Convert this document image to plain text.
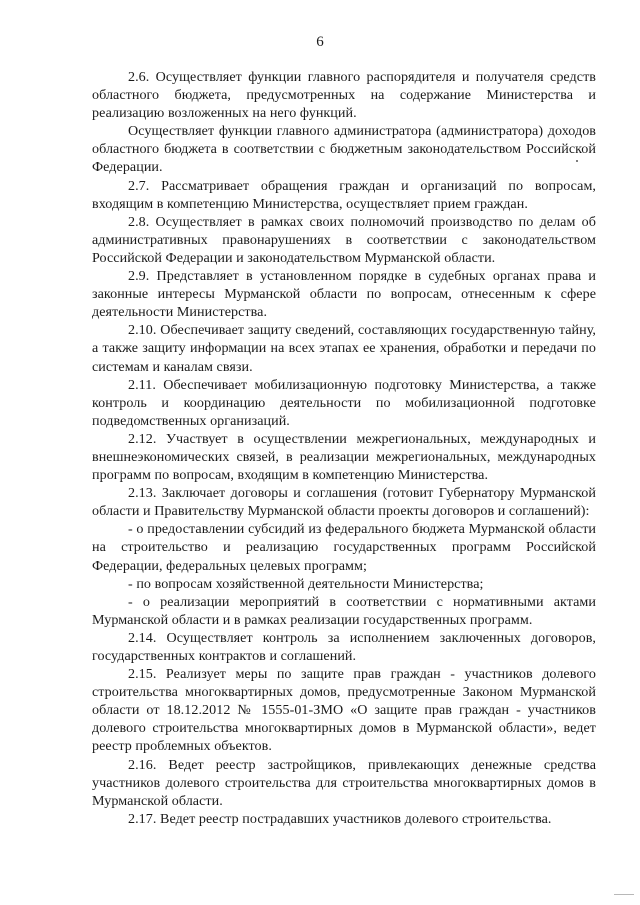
6

2.6. Осуществляет функции главного распорядителя и получателя средств областного бюджета, предусмотренных на содержание Министерства и реализацию возложенных на него функций.

Осуществляет функции главного администратора (администратора) доходов областного бюджета в соответствии с бюджетным законодательством Российской Федерации.

2.7. Рассматривает обращения граждан и организаций по вопросам, входящим в компетенцию Министерства, осуществляет прием граждан.

2.8. Осуществляет в рамках своих полномочий производство по делам об административных правонарушениях в соответствии с законодательством Российской Федерации и законодательством Мурманской области.

2.9. Представляет в установленном порядке в судебных органах права и законные интересы Мурманской области по вопросам, отнесенным к сфере деятельности Министерства.

2.10. Обеспечивает защиту сведений, составляющих государственную тайну, а также защиту информации на всех этапах ее хранения, обработки и передачи по системам и каналам связи.

2.11. Обеспечивает мобилизационную подготовку Министерства, а также контроль и координацию деятельности по мобилизационной подготовке подведомственных организаций.

2.12. Участвует в осуществлении межрегиональных, международных и внешнеэкономических связей, в реализации межрегиональных, международных программ по вопросам, входящим в компетенцию Министерства.

2.13. Заключает договоры и соглашения (готовит Губернатору Мурманской области и Правительству Мурманской области проекты договоров и соглашений):

- о предоставлении субсидий из федерального бюджета Мурманской области на строительство и реализацию государственных программ Российской Федерации, федеральных целевых программ;

- по вопросам хозяйственной деятельности Министерства;

- о реализации мероприятий в соответствии с нормативными актами Мурманской области и в рамках реализации государственных программ.

2.14. Осуществляет контроль за исполнением заключенных договоров, государственных контрактов и соглашений.

2.15. Реализует меры по защите прав граждан - участников долевого строительства многоквартирных домов, предусмотренные Законом Мурманской области от 18.12.2012 № 1555-01-ЗМО «О защите прав граждан - участников долевого строительства многоквартирных домов в Мурманской области», ведет реестр проблемных объектов.

2.16. Ведет реестр застройщиков, привлекающих денежные средства участников долевого строительства для строительства многоквартирных домов в Мурманской области.

2.17. Ведет реестр пострадавших участников долевого строительства.
